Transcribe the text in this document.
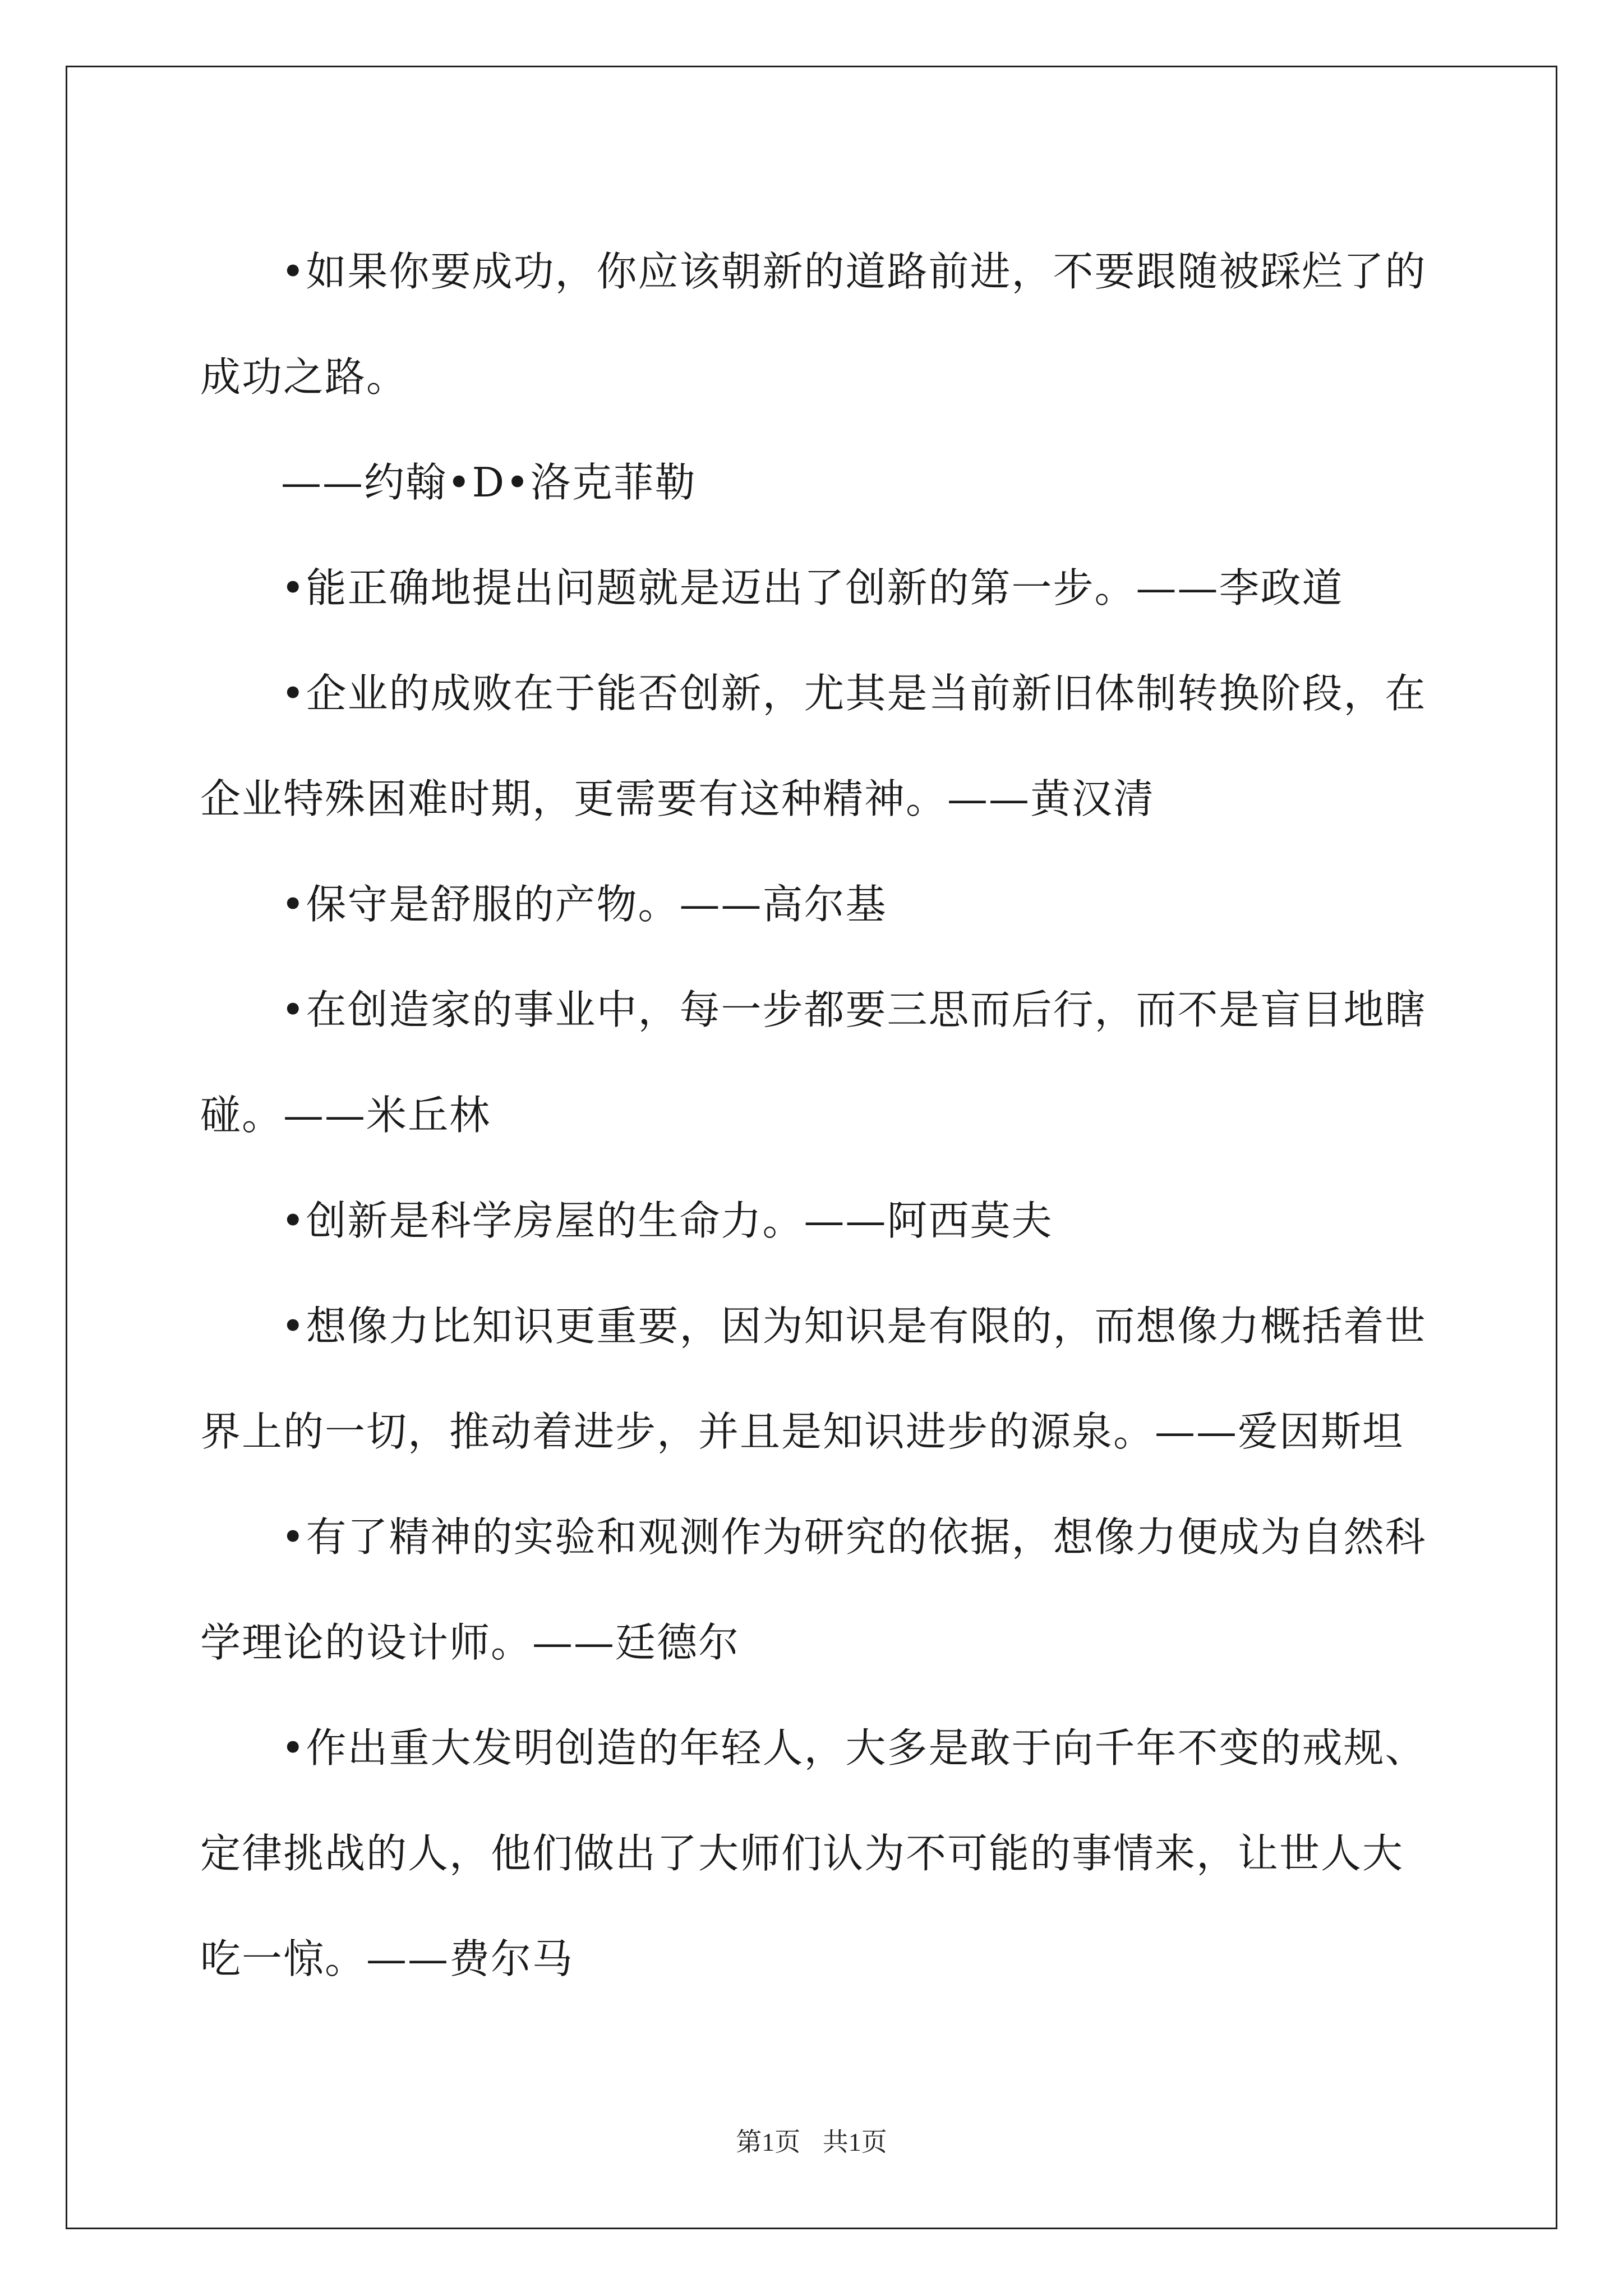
•如果你要成功，你应该朝新的道路前进，不要跟随被踩烂了的成功之路。

——约翰•D•洛克菲勒

•能正确地提出问题就是迈出了创新的第一步。——李政道

•企业的成败在于能否创新，尤其是当前新旧体制转换阶段，在企业特殊困难时期，更需要有这种精神。——黄汉清

•保守是舒服的产物。——高尔基

•在创造家的事业中，每一步都要三思而后行，而不是盲目地瞎碰。——米丘林

•创新是科学房屋的生命力。——阿西莫夫

•想像力比知识更重要，因为知识是有限的，而想像力概括着世界上的一切，推动着进步，并且是知识进步的源泉。——爱因斯坦

•有了精神的实验和观测作为研究的依据，想像力便成为自然科学理论的设计师。——廷德尔

•作出重大发明创造的年轻人，大多是敢于向千年不变的戒规、定律挑战的人，他们做出了大师们认为不可能的事情来，让世人大吃一惊。——费尔马

第1页 共1页
